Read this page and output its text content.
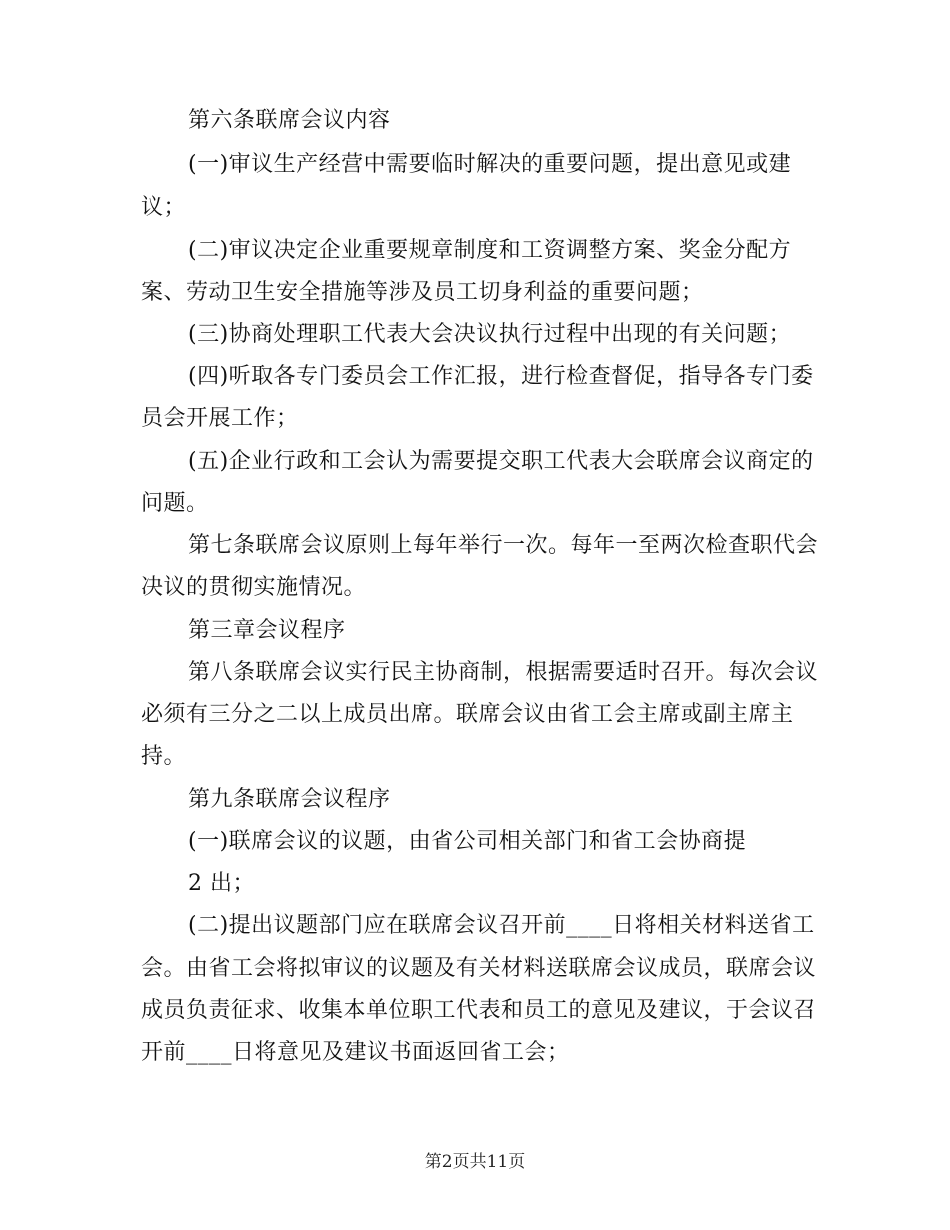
第六条联席会议内容
(一)审议生产经营中需要临时解决的重要问题，提出意见或建
议；
(二)审议决定企业重要规章制度和工资调整方案、奖金分配方
案、劳动卫生安全措施等涉及员工切身利益的重要问题；
(三)协商处理职工代表大会决议执行过程中出现的有关问题；
(四)听取各专门委员会工作汇报，进行检查督促，指导各专门委
员会开展工作；
(五)企业行政和工会认为需要提交职工代表大会联席会议商定的
问题。
第七条联席会议原则上每年举行一次。每年一至两次检查职代会
决议的贯彻实施情况。
第三章会议程序
第八条联席会议实行民主协商制，根据需要适时召开。每次会议
必须有三分之二以上成员出席。联席会议由省工会主席或副主席主
持。
第九条联席会议程序
(一)联席会议的议题，由省公司相关部门和省工会协商提
2 出；
(二)提出议题部门应在联席会议召开前____日将相关材料送省工
会。由省工会将拟审议的议题及有关材料送联席会议成员，联席会议
成员负责征求、收集本单位职工代表和员工的意见及建议，于会议召
开前____日将意见及建议书面返回省工会；
第2页共11页
